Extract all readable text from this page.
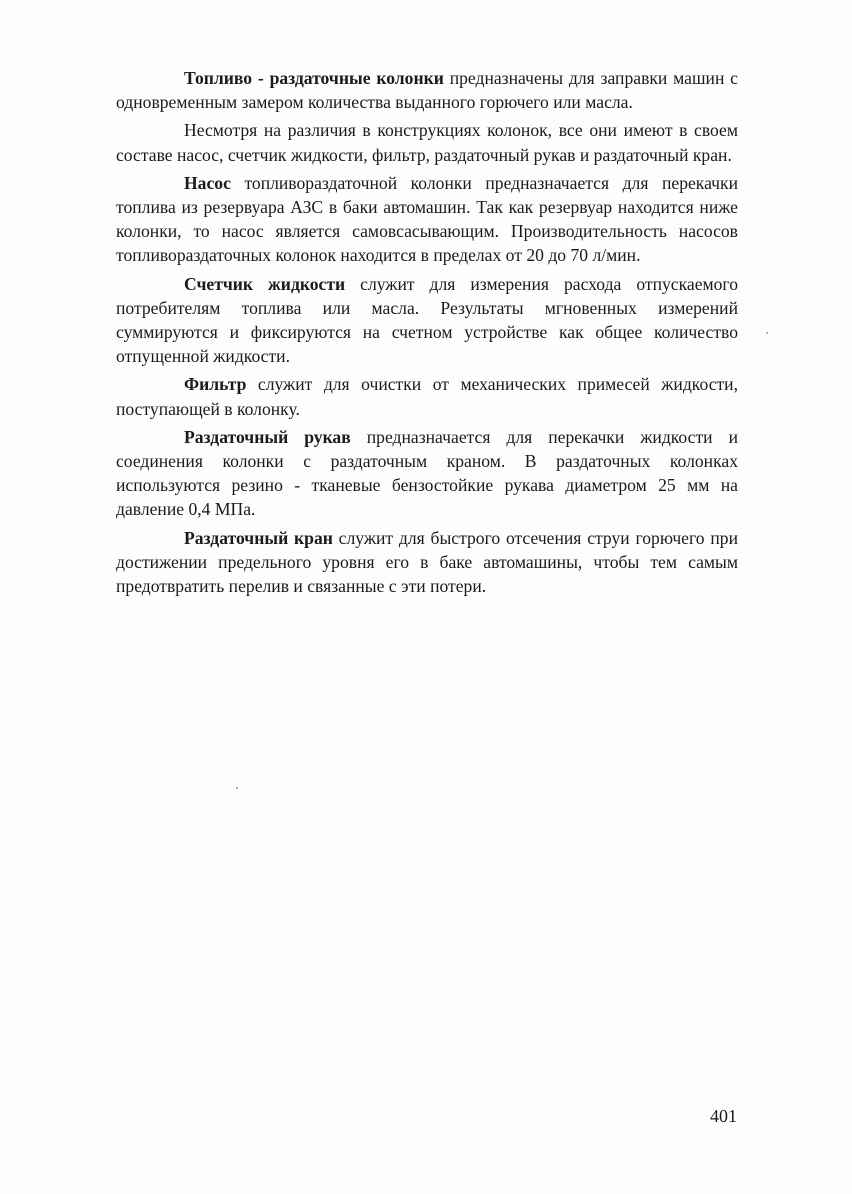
Топливо - раздаточные колонки предназначены для заправки машин с одновременным замером количества выданного горючего или масла.

Несмотря на различия в конструкциях колонок, все они имеют в своем составе насос, счетчик жидкости, фильтр, раздаточный рукав и раздаточный кран.

Насос топливораздаточной колонки предназначается для перекачки топлива из резервуара АЗС в баки автомашин. Так как резервуар находится ниже колонки, то насос является самовсасывающим. Производительность насосов топливораздаточных колонок находится в пределах от 20 до 70 л/мин.

Счетчик жидкости служит для измерения расхода отпускаемого потребителям топлива или масла. Результаты мгновенных измерений суммируются и фиксируются на счетном устройстве как общее количество отпущенной жидкости.

Фильтр служит для очистки от механических примесей жидкости, поступающей в колонку.

Раздаточный рукав предназначается для перекачки жидкости и соединения колонки с раздаточным краном. В раздаточных колонках используются резино - тканевые бензостойкие рукава диаметром 25 мм на давление 0,4 МПа.

Раздаточный кран служит для быстрого отсечения струи горючего при достижении предельного уровня его в баке автомашины, чтобы тем самым предотвратить перелив и связанные с эти потери.

401
